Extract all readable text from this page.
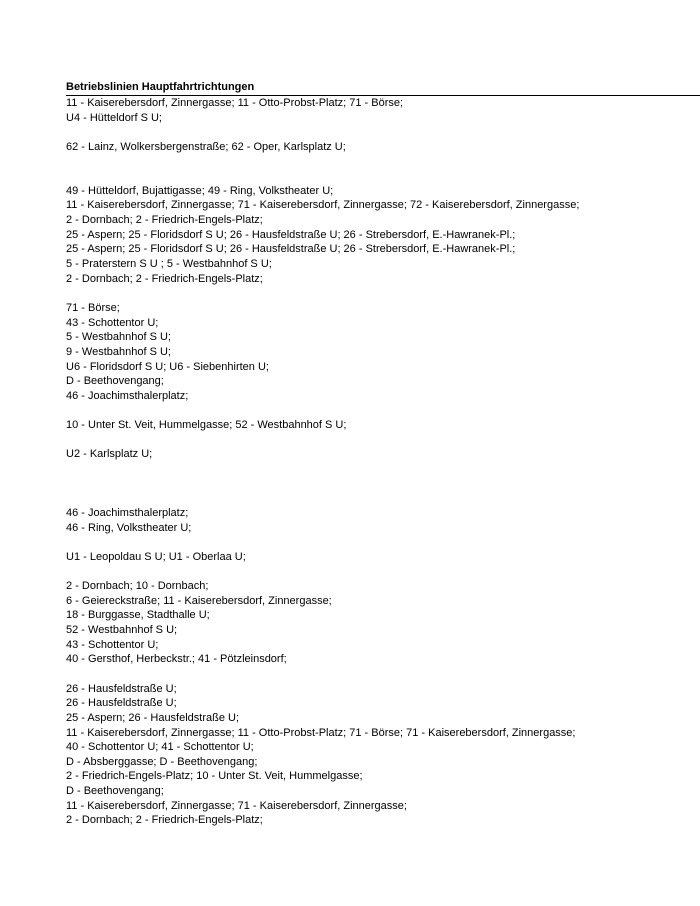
Betriebslinien Hauptfahrtrichtungen
11 - Kaiserebersdorf, Zinnergasse; 11 - Otto-Probst-Platz; 71 - Börse;
U4 - Hütteldorf S U;
62 - Lainz, Wolkersbergenstraße; 62 - Oper, Karlsplatz U;
49 - Hütteldorf, Bujattigasse; 49 - Ring, Volkstheater U;
11 - Kaiserebersdorf, Zinnergasse; 71 - Kaiserebersdorf, Zinnergasse; 72 - Kaiserebersdorf, Zinnergasse;
2 - Dornbach; 2 - Friedrich-Engels-Platz;
25 - Aspern; 25 - Floridsdorf S U; 26 - Hausfeldstraße U; 26 - Strebersdorf, E.-Hawranek-Pl.;
25 - Aspern; 25 - Floridsdorf S U; 26 - Hausfeldstraße U; 26 - Strebersdorf, E.-Hawranek-Pl.;
5 - Praterstern S U ; 5 - Westbahnhof S U;
2 - Dornbach; 2 - Friedrich-Engels-Platz;
71 - Börse;
43 - Schottentor U;
5 - Westbahnhof S U;
9 - Westbahnhof S U;
U6 - Floridsdorf S U; U6 - Siebenhirten U;
D - Beethovengang;
46 - Joachimsthalerplatz;
10 - Unter St. Veit, Hummelgasse; 52 - Westbahnhof S U;
U2 - Karlsplatz U;
46 - Joachimsthalerplatz;
46 - Ring, Volkstheater U;
U1 - Leopoldau S U; U1 - Oberlaa U;
2 - Dornbach; 10 - Dornbach;
6 - Geiereckstraße; 11 - Kaiserebersdorf, Zinnergasse;
18 - Burggasse, Stadthalle U;
52 - Westbahnhof S U;
43 - Schottentor U;
40 - Gersthof, Herbeckstr.; 41 - Pötzleinsdorf;
26 - Hausfeldstraße U;
26 - Hausfeldstraße U;
25 - Aspern; 26 - Hausfeldstraße U;
11 - Kaiserebersdorf, Zinnergasse; 11 - Otto-Probst-Platz; 71 - Börse; 71 - Kaiserebersdorf, Zinnergasse;
40 - Schottentor U; 41 - Schottentor U;
D - Absberggasse; D - Beethovengang;
2 - Friedrich-Engels-Platz; 10 - Unter St. Veit, Hummelgasse;
D - Beethovengang;
11 - Kaiserebersdorf, Zinnergasse; 71 - Kaiserebersdorf, Zinnergasse;
2 - Dornbach; 2 - Friedrich-Engels-Platz;
